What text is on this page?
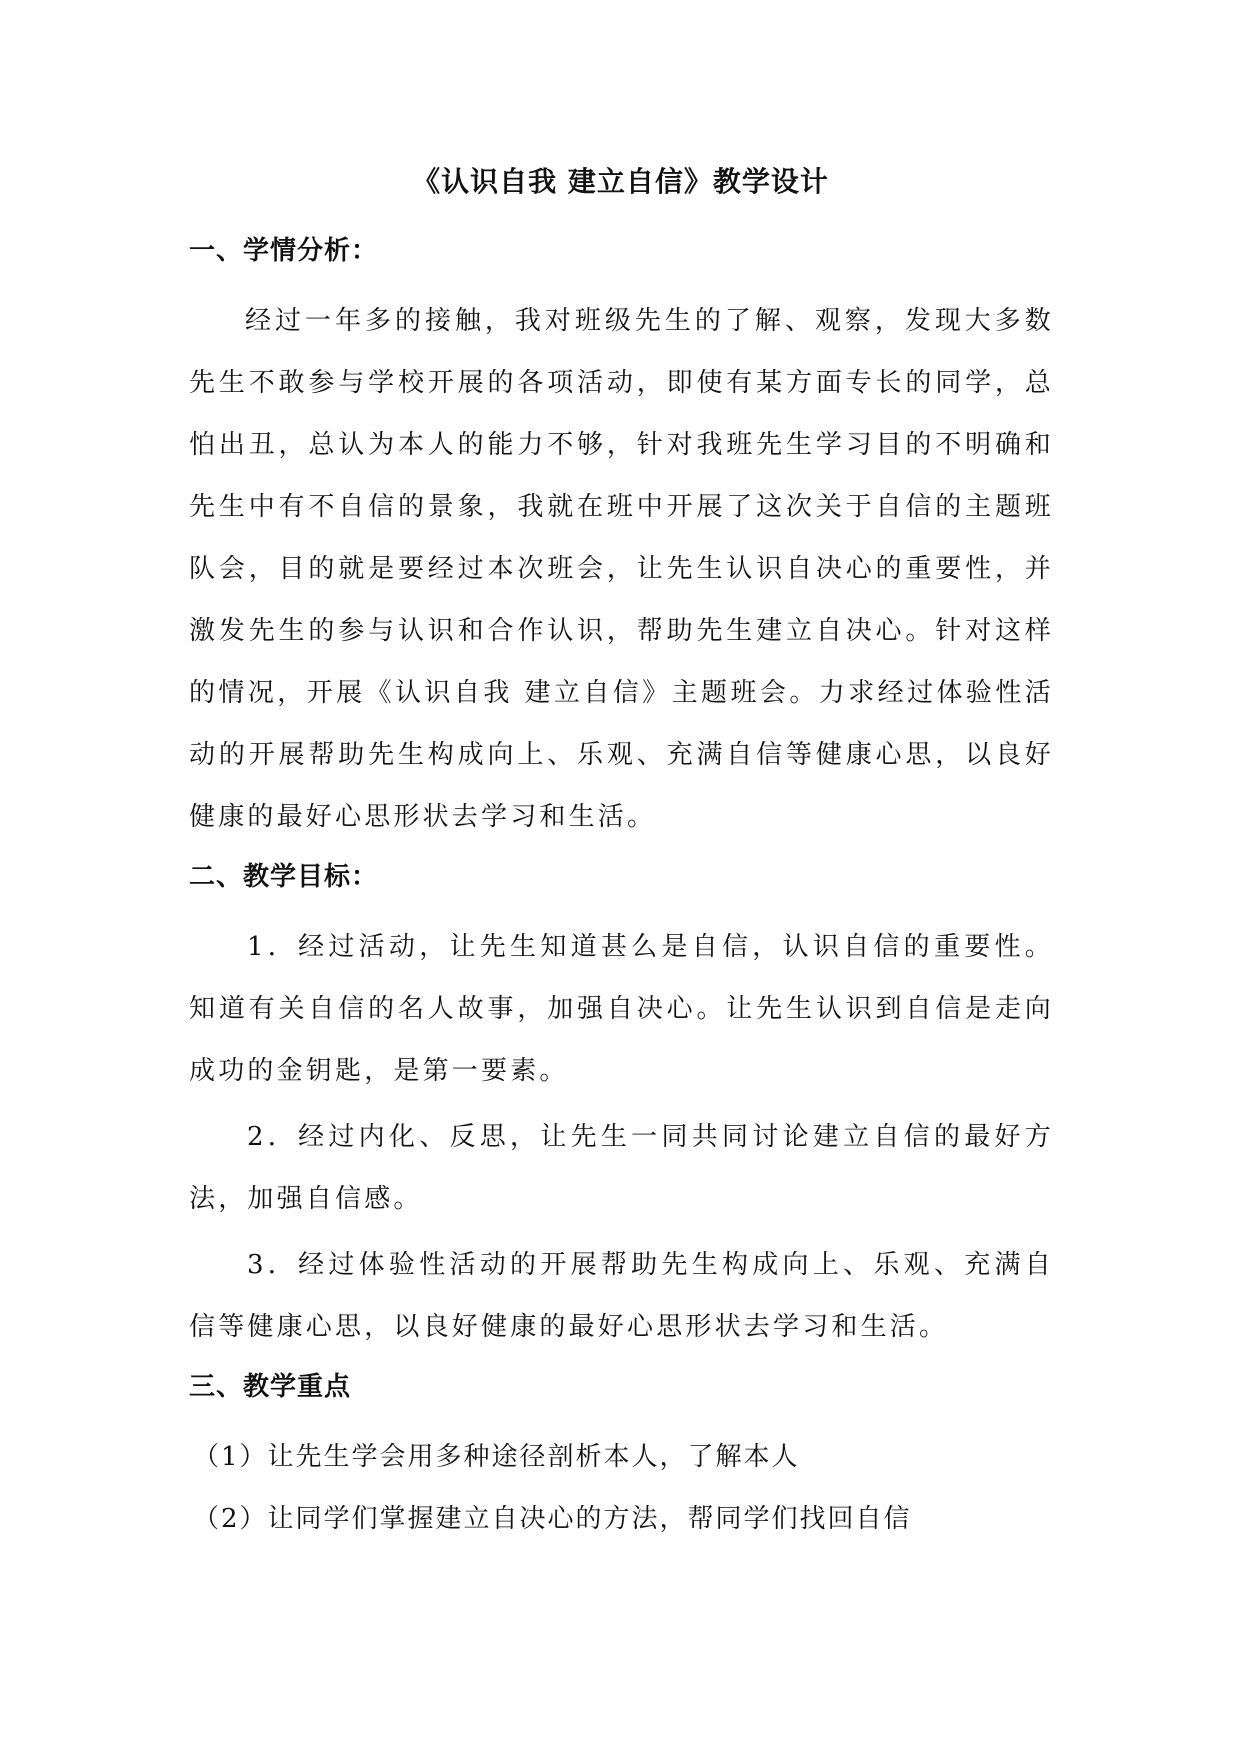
《认识自我 建立自信》教学设计
一、学情分析：

经过一年多的接触，我对班级先生的了解、观察，发现大多数先生不敢参与学校开展的各项活动，即使有某方面专长的同学，总怕出丑，总认为本人的能力不够，针对我班先生学习目的不明确和先生中有不自信的景象，我就在班中开展了这次关于自信的主题班队会，目的就是要经过本次班会，让先生认识自决心的重要性，并激发先生的参与认识和合作认识，帮助先生建立自决心。针对这样的情况，开展《认识自我 建立自信》主题班会。力求经过体验性活动的开展帮助先生构成向上、乐观、充满自信等健康心思，以良好健康的最好心思形状去学习和生活。

二、教学目标：

1．经过活动，让先生知道甚么是自信，认识自信的重要性。知道有关自信的名人故事，加强自决心。让先生认识到自信是走向成功的金钥匙，是第一要素。

2．经过内化、反思，让先生一同共同讨论建立自信的最好方法，加强自信感。

3．经过体验性活动的开展帮助先生构成向上、乐观、充满自信等健康心思，以良好健康的最好心思形状去学习和生活。

三、教学重点

（1）让先生学会用多种途径剖析本人，了解本人

（2）让同学们掌握建立自决心的方法，帮同学们找回自信
